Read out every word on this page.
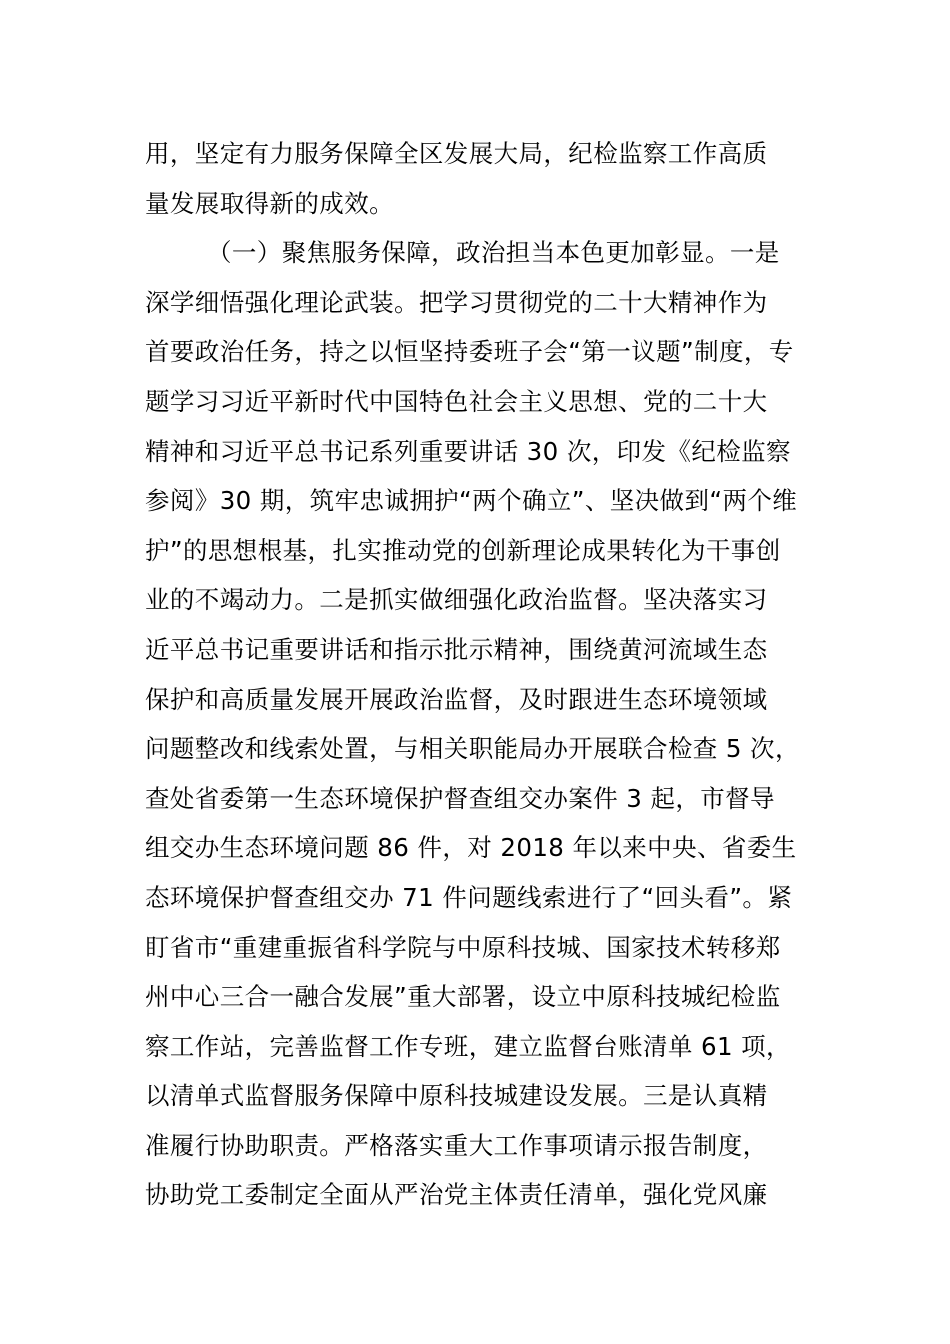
用，坚定有力服务保障全区发展大局，纪检监察工作高质
量发展取得新的成效。
（一）聚焦服务保障，政治担当本色更加彰显。一是
深学细悟强化理论武装。把学习贯彻党的二十大精神作为
首要政治任务，持之以恒坚持委班子会“第一议题”制度，专
题学习习近平新时代中国特色社会主义思想、党的二十大
精神和习近平总书记系列重要讲话 30 次，印发《纪检监察
参阅》30 期，筑牢忠诚拥护“两个确立”、坚决做到“两个维
护”的思想根基，扎实推动党的创新理论成果转化为干事创
业的不竭动力。二是抓实做细强化政治监督。坚决落实习
近平总书记重要讲话和指示批示精神，围绕黄河流域生态
保护和高质量发展开展政治监督，及时跟进生态环境领域
问题整改和线索处置，与相关职能局办开展联合检查 5 次，
查处省委第一生态环境保护督查组交办案件 3 起，市督导
组交办生态环境问题 86 件，对 2018 年以来中央、省委生
态环境保护督查组交办 71 件问题线索进行了“回头看”。紧
盯省市“重建重振省科学院与中原科技城、国家技术转移郑
州中心三合一融合发展”重大部署，设立中原科技城纪检监
察工作站，完善监督工作专班，建立监督台账清单 61 项，
以清单式监督服务保障中原科技城建设发展。三是认真精
准履行协助职责。严格落实重大工作事项请示报告制度，
协助党工委制定全面从严治党主体责任清单，强化党风廉
